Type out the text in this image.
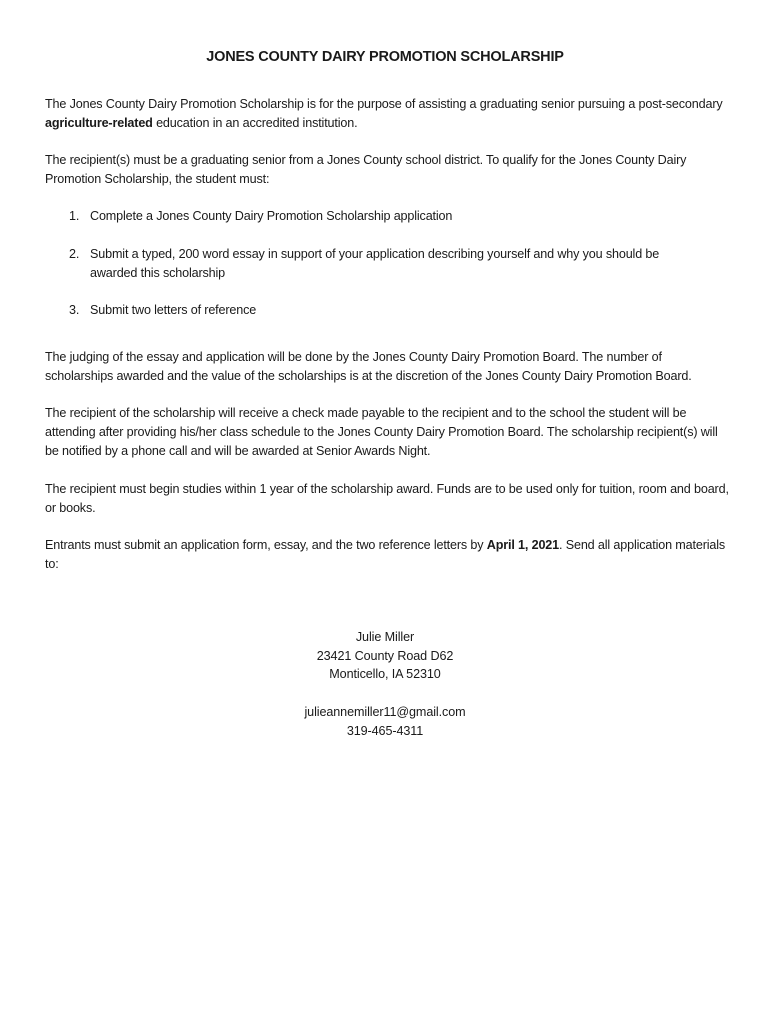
JONES COUNTY DAIRY PROMOTION SCHOLARSHIP
The Jones County Dairy Promotion Scholarship is for the purpose of assisting a graduating senior pursuing a post-secondary agriculture-related education in an accredited institution.
The recipient(s) must be a graduating senior from a Jones County school district. To qualify for the Jones County Dairy Promotion Scholarship, the student must:
1. Complete a Jones County Dairy Promotion Scholarship application
2. Submit a typed, 200 word essay in support of your application describing yourself and why you should be awarded this scholarship
3. Submit two letters of reference
The judging of the essay and application will be done by the Jones County Dairy Promotion Board. The number of scholarships awarded and the value of the scholarships is at the discretion of the Jones County Dairy Promotion Board.
The recipient of the scholarship will receive a check made payable to the recipient and to the school the student will be attending after providing his/her class schedule to the Jones County Dairy Promotion Board. The scholarship recipient(s) will be notified by a phone call and will be awarded at Senior Awards Night.
The recipient must begin studies within 1 year of the scholarship award. Funds are to be used only for tuition, room and board, or books.
Entrants must submit an application form, essay, and the two reference letters by April 1, 2021. Send all application materials to:
Julie Miller
23421 County Road D62
Monticello, IA 52310
julieannemiller11@gmail.com
319-465-4311
